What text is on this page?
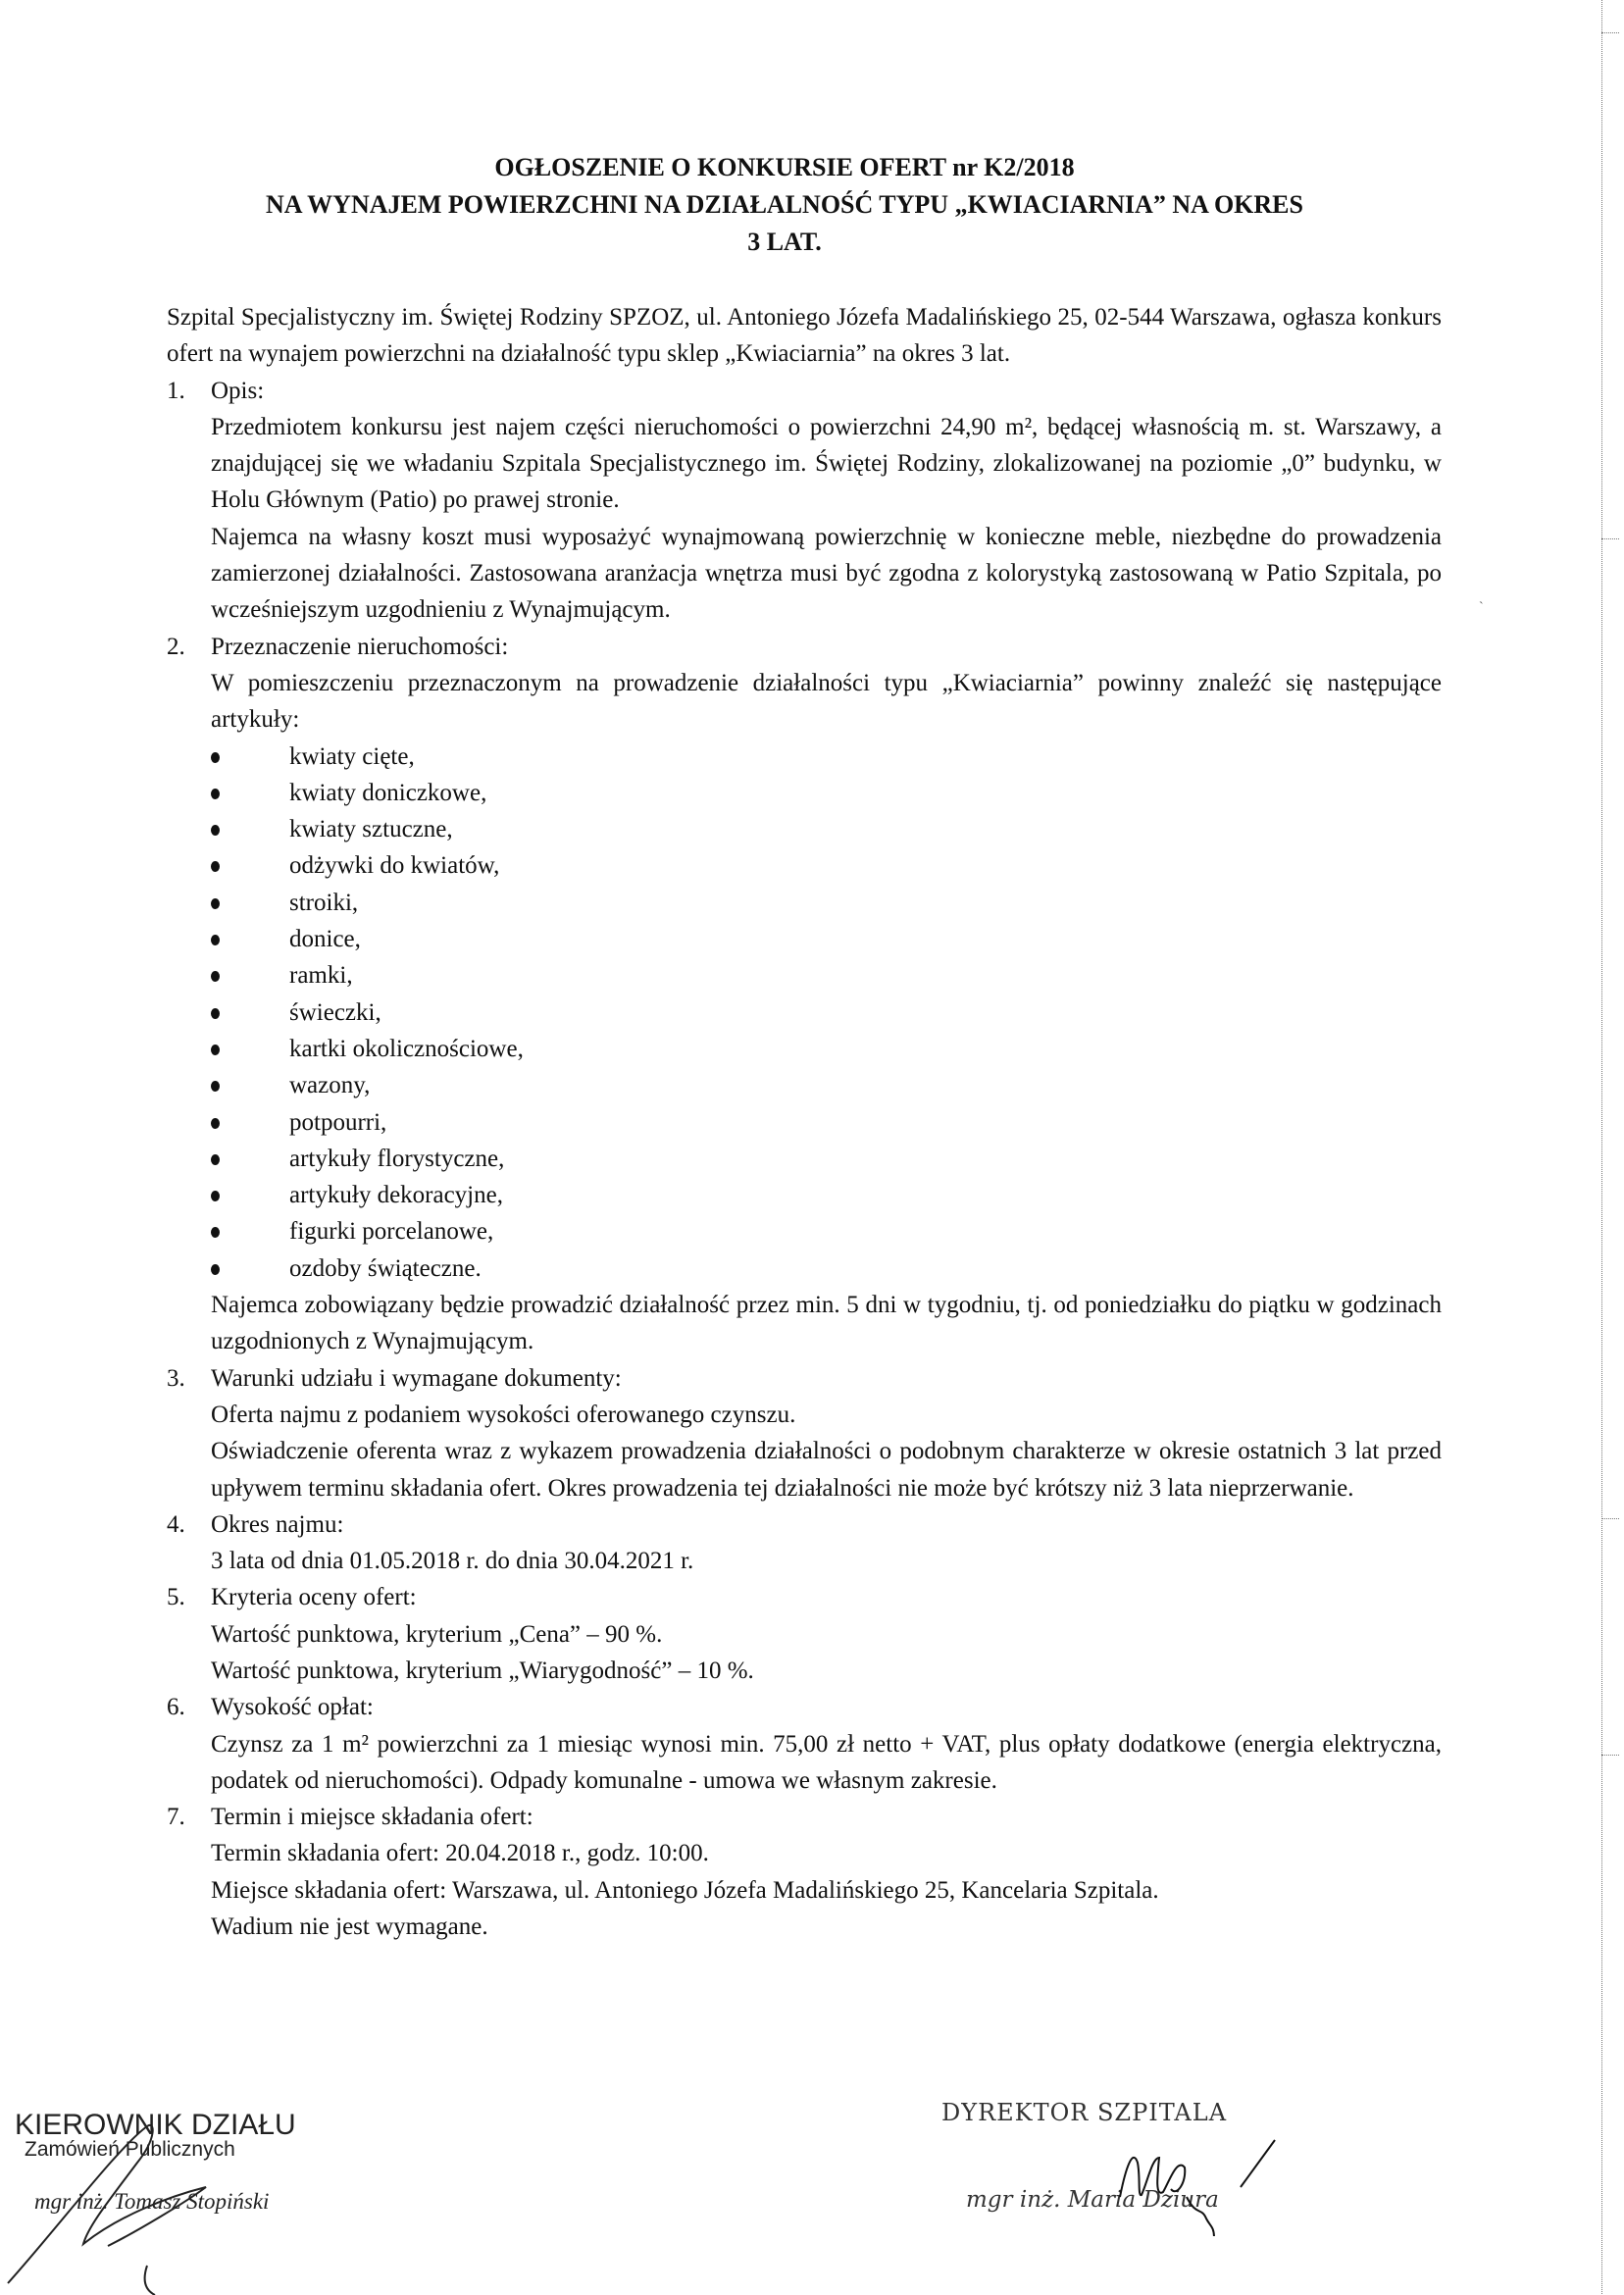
`
OGŁOSZENIE O KONKURSIE OFERT nr K2/2018
NA WYNAJEM POWIERZCHNI NA DZIAŁALNOŚĆ TYPU „KWIACIARNIA” NA OKRES
3 LAT.

Szpital Specjalistyczny im. Świętej Rodziny SPZOZ, ul. Antoniego Józefa Madalińskiego 25, 02-544 Warszawa, ogłasza konkurs ofert na wynajem powierzchni na działalność typu sklep „Kwiaciarnia” na okres 3 lat.

1. Opis:
Przedmiotem konkursu jest najem części nieruchomości o powierzchni 24,90 m², będącej własnością m. st. Warszawy, a znajdującej się we władaniu Szpitala Specjalistycznego im. Świętej Rodziny, zlokalizowanej na poziomie „0” budynku, w Holu Głównym (Patio) po prawej stronie.
Najemca na własny koszt musi wyposażyć wynajmowaną powierzchnię w konieczne meble, niezbędne do prowadzenia zamierzonej działalności. Zastosowana aranżacja wnętrza musi być zgodna z kolorystyką zastosowaną w Patio Szpitala, po wcześniejszym uzgodnieniu z Wynajmującym.
2. Przeznaczenie nieruchomości:
W pomieszczeniu przeznaczonym na prowadzenie działalności typu „Kwiaciarnia” powinny znaleźć się następujące artykuły:
kwiaty cięte,
kwiaty doniczkowe,
kwiaty sztuczne,
odżywki do kwiatów,
stroiki,
donice,
ramki,
świeczki,
kartki okolicznościowe,
wazony,
potpourri,
artykuły florystyczne,
artykuły dekoracyjne,
figurki porcelanowe,
ozdoby świąteczne.
Najemca zobowiązany będzie prowadzić działalność przez min. 5 dni w tygodniu, tj. od poniedziałku do piątku w godzinach uzgodnionych z Wynajmującym.
3. Warunki udziału i wymagane dokumenty:
Oferta najmu z podaniem wysokości oferowanego czynszu.
Oświadczenie oferenta wraz z wykazem prowadzenia działalności o podobnym charakterze w okresie ostatnich 3 lat przed upływem terminu składania ofert. Okres prowadzenia tej działalności nie może być krótszy niż 3 lata nieprzerwanie.
4. Okres najmu:
3 lata od dnia 01.05.2018 r. do dnia 30.04.2021 r.
5. Kryteria oceny ofert:
Wartość punktowa, kryterium „Cena” – 90 %.
Wartość punktowa, kryterium „Wiarygodność” – 10 %.
6. Wysokość opłat:
Czynsz za 1 m² powierzchni za 1 miesiąc wynosi min. 75,00 zł netto + VAT, plus opłaty dodatkowe (energia elektryczna, podatek od nieruchomości). Odpady komunalne - umowa we własnym zakresie.
7. Termin i miejsce składania ofert:
Termin składania ofert: 20.04.2018 r., godz. 10:00.
Miejsce składania ofert: Warszawa, ul. Antoniego Józefa Madalińskiego 25, Kancelaria Szpitala.
Wadium nie jest wymagane.
KIEROWNIK DZIAŁU
Zamówień Publicznych
mgr inż. Tomasz Stopiński
DYREKTOR SZPITALA
mgr inż. Maria Dziura
